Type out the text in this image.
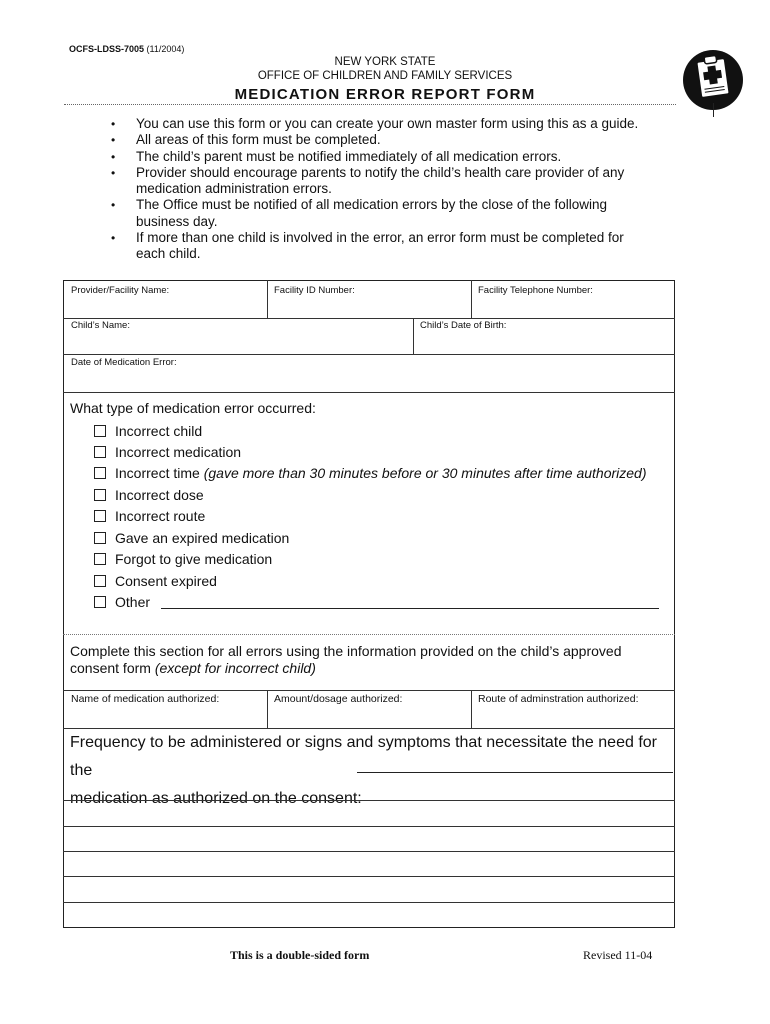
OCFS-LDSS-7005 (11/2004)
NEW YORK STATE
OFFICE OF CHILDREN AND FAMILY SERVICES
MEDICATION ERROR REPORT FORM
• You can use this form or you can create your own master form using this as a guide.
• All areas of this form must be completed.
• The child’s parent must be notified immediately of all medication errors.
• Provider should encourage parents to notify the child’s health care provider of any medication administration errors.
• The Office must be notified of all medication errors by the close of the following business day.
• If more than one child is involved in the error, an error form must be completed for each child.
Provider/Facility Name:	Facility ID Number:	Facility Telephone Number:
Child’s Name:	Child’s Date of Birth:
Date of Medication Error:
What type of medication error occurred:
Incorrect child
Incorrect medication
Incorrect time (gave more than 30 minutes before or 30 minutes after time authorized)
Incorrect dose
Incorrect route
Gave an expired medication
Forgot to give medication
Consent expired
Other
Complete this section for all errors using the information provided on the child’s approved consent form (except for incorrect child)
Name of medication authorized:	Amount/dosage authorized:	Route of adminstration authorized:
Frequency to be administered or signs and symptoms that necessitate the need for the
medication as authorized on the consent:
This is a double-sided form	Revised 11-04
